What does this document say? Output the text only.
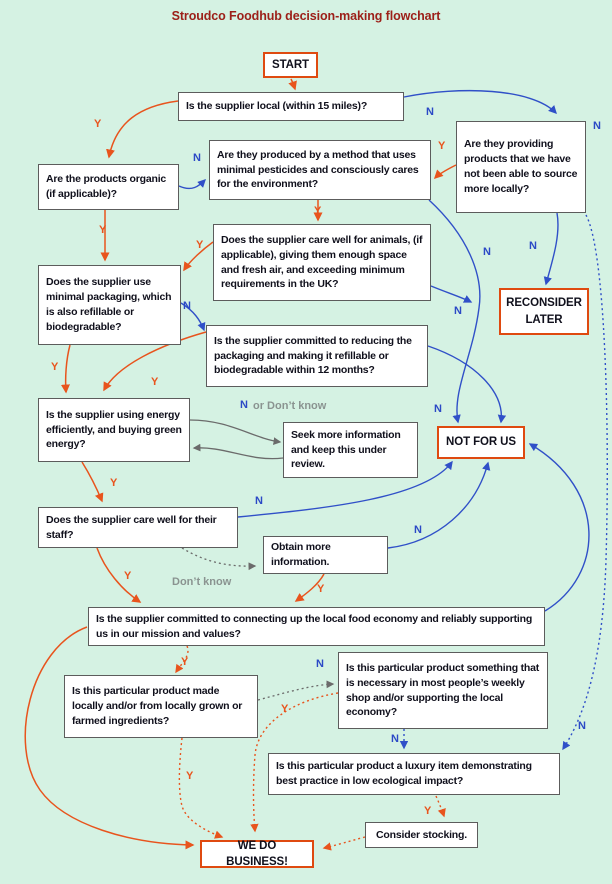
Stroudco Foodhub decision-making flowchart
START
Is the supplier local (within 15 miles)?
Are they providing products that we have not been able to source more locally?
Are they produced by a method that uses minimal pesticides and consciously cares for the environment?
Are the products organic (if applicable)?
Does the supplier care well for animals, (if applicable), giving them enough space and fresh air, and exceeding minimum requirements in the UK?
Does the supplier use minimal packaging, which is also refillable or biodegradable?
RECONSIDER LATER
Is the supplier committed to reducing the packaging and making it refillable or biodegradable within 12 months?
Is the supplier using energy efficiently, and buying green energy?
Seek more information and keep this under review.
NOT FOR US
Does the supplier care well for their staff?
Obtain more information.
Is the supplier committed to connecting up the local food economy and reliably supporting us in our mission and values?
Is this particular product something that is necessary in most people’s weekly shop and/or supporting the local economy?
Is this particular product made locally and/or from locally grown or farmed ingredients?
Is this particular product a luxury item demonstrating best practice in low ecological impact?
Consider stocking.
WE DO BUSINESS!
Y
N
N
Y
N
Y
Y
Y
N	N
N
N
Y
Y
N or Don’t know	N
Y
N
N
Don’t know
Y
Y
Y	N
Y
Y
N
N
Y
